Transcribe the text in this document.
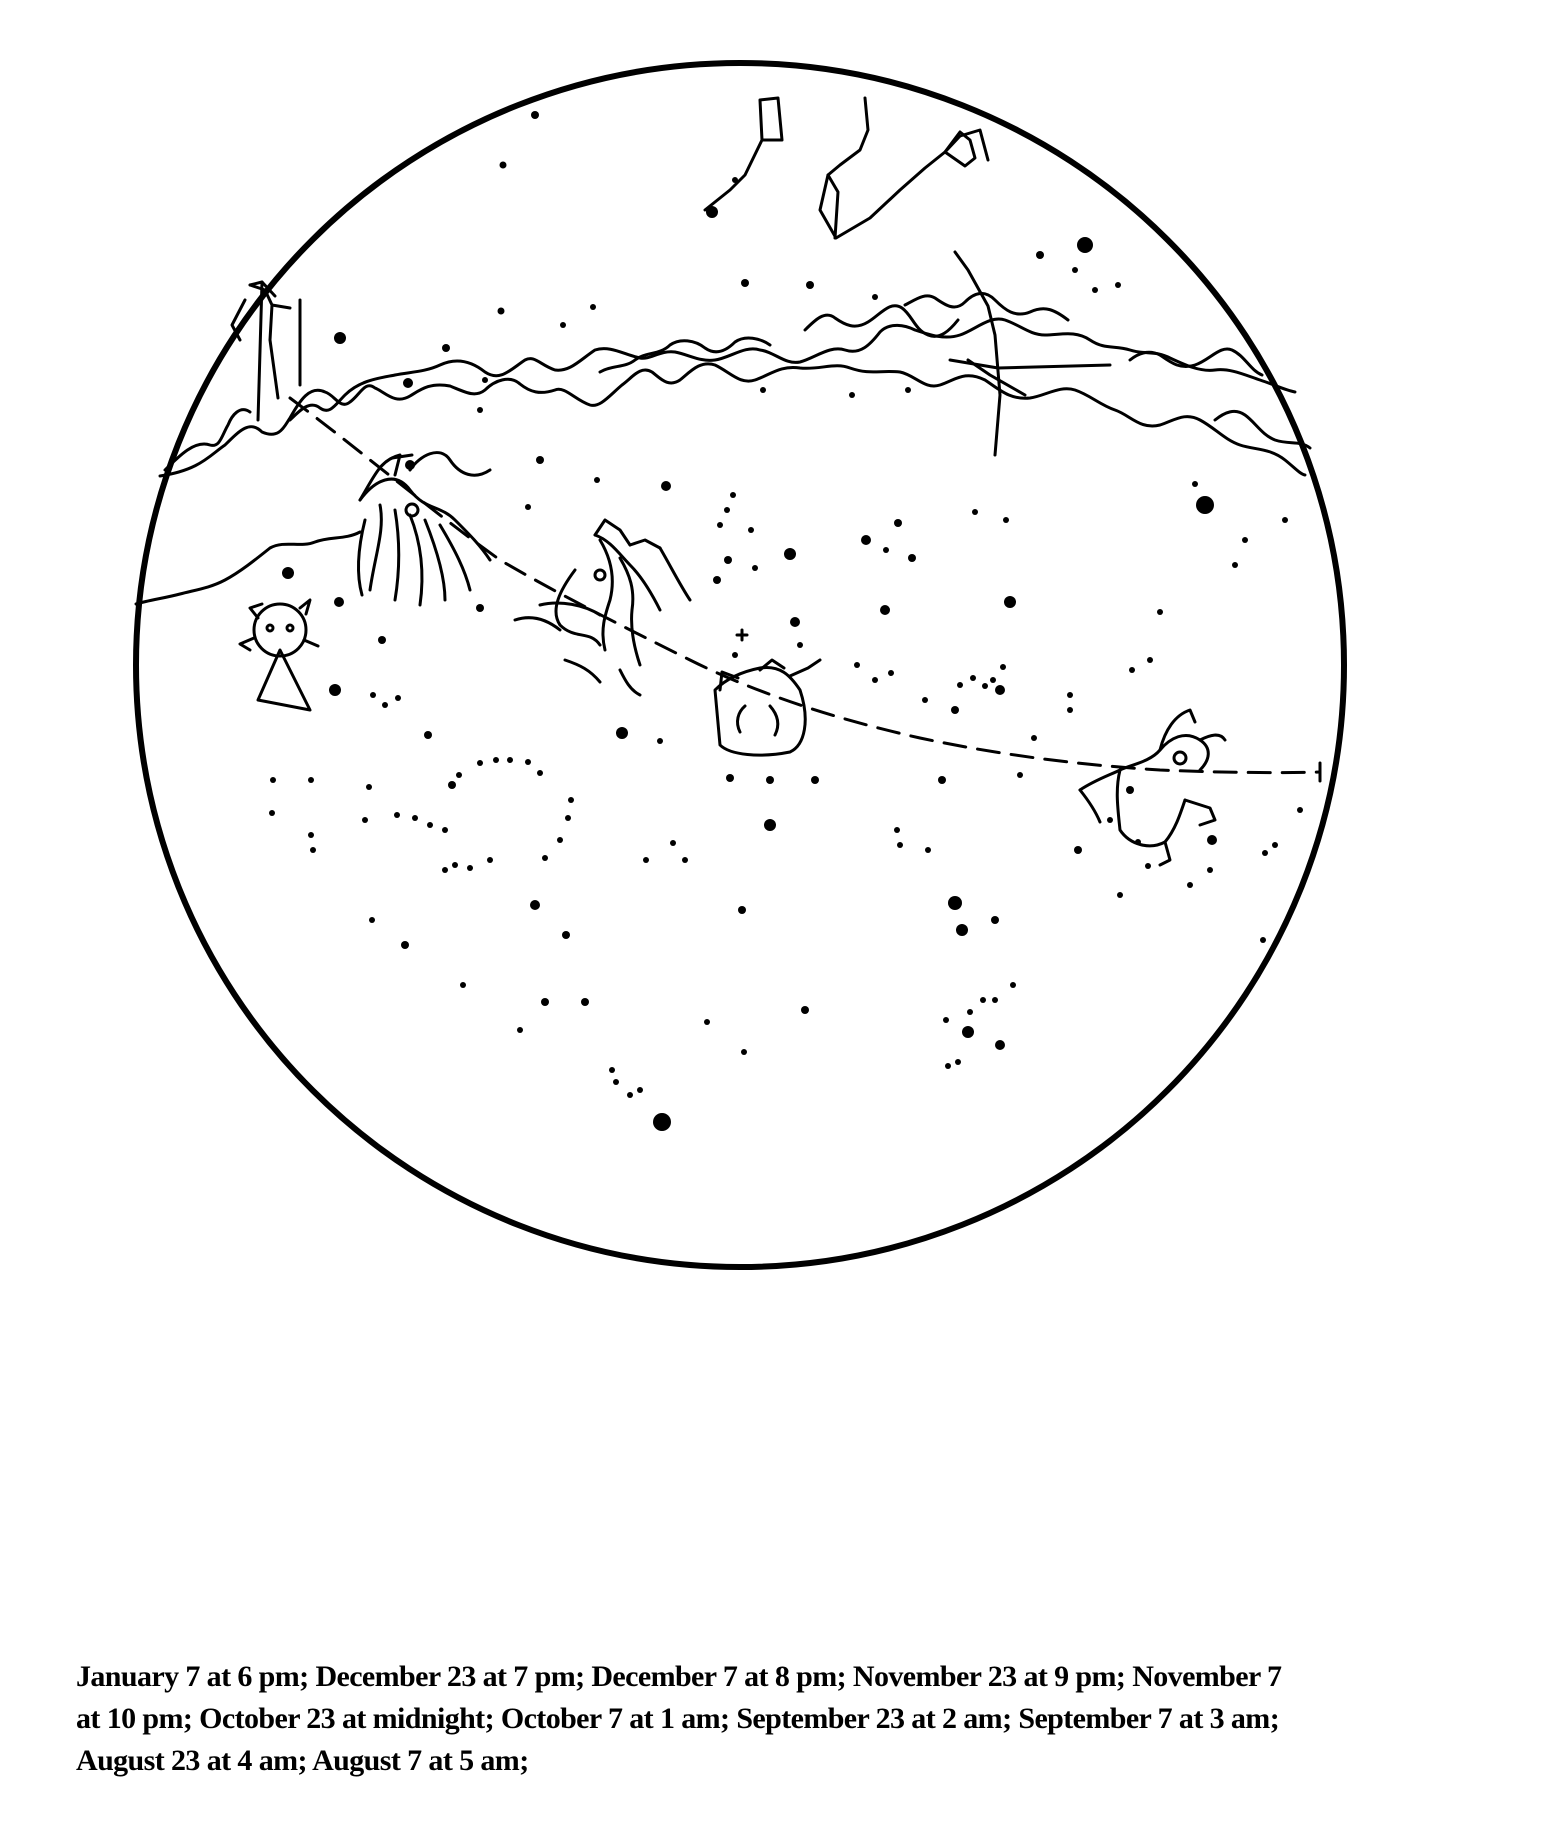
January 7 at 6 pm; December 23 at 7 pm; December 7 at 8 pm; November 23 at 9 pm; November 7
at 10 pm; October 23 at midnight; October 7 at 1 am; September 23 at 2 am; September 7 at 3 am;
August 23 at 4 am; August 7 at 5 am;
